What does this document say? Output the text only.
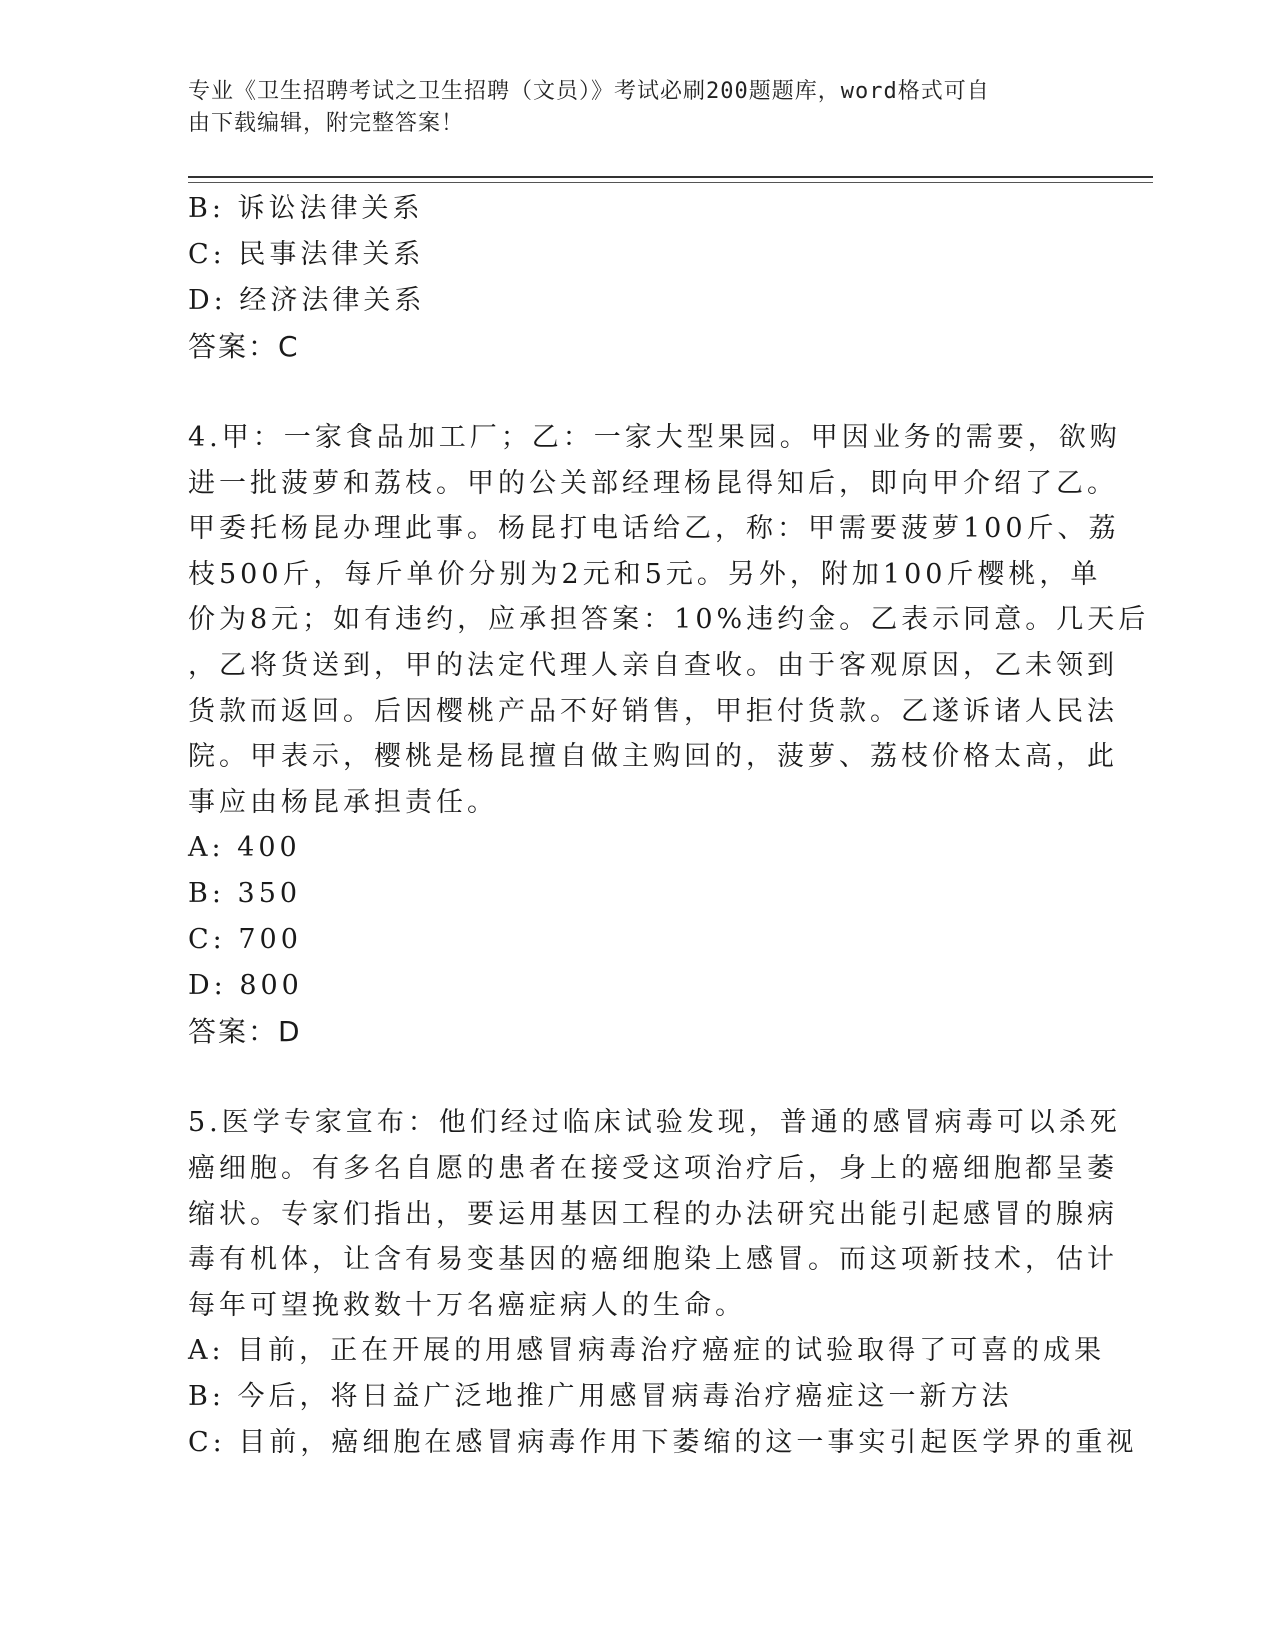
专业《卫生招聘考试之卫生招聘（文员）》考试必刷200题题库，word格式可自
由下载编辑，附完整答案！
B: 诉讼法律关系
C: 民事法律关系
D: 经济法律关系
答案：C
4.甲：一家食品加工厂；乙：一家大型果园。甲因业务的需要，欲购
进一批菠萝和荔枝。甲的公关部经理杨昆得知后，即向甲介绍了乙。
甲委托杨昆办理此事。杨昆打电话给乙，称：甲需要菠萝100斤、荔
枝500斤，每斤单价分别为2元和5元。另外，附加100斤樱桃，单
价为8元；如有违约，应承担答案：10%违约金。乙表示同意。几天后
，乙将货送到，甲的法定代理人亲自查收。由于客观原因，乙未领到
货款而返回。后因樱桃产品不好销售，甲拒付货款。乙遂诉诸人民法
院。甲表示，樱桃是杨昆擅自做主购回的，菠萝、荔枝价格太高，此
事应由杨昆承担责任。
A: 400
B: 350
C: 700
D: 800
答案：D
5.医学专家宣布：他们经过临床试验发现，普通的感冒病毒可以杀死
癌细胞。有多名自愿的患者在接受这项治疗后，身上的癌细胞都呈萎
缩状。专家们指出，要运用基因工程的办法研究出能引起感冒的腺病
毒有机体，让含有易变基因的癌细胞染上感冒。而这项新技术，估计
每年可望挽救数十万名癌症病人的生命。
A: 目前，正在开展的用感冒病毒治疗癌症的试验取得了可喜的成果
B: 今后，将日益广泛地推广用感冒病毒治疗癌症这一新方法
C: 目前，癌细胞在感冒病毒作用下萎缩的这一事实引起医学界的重视
